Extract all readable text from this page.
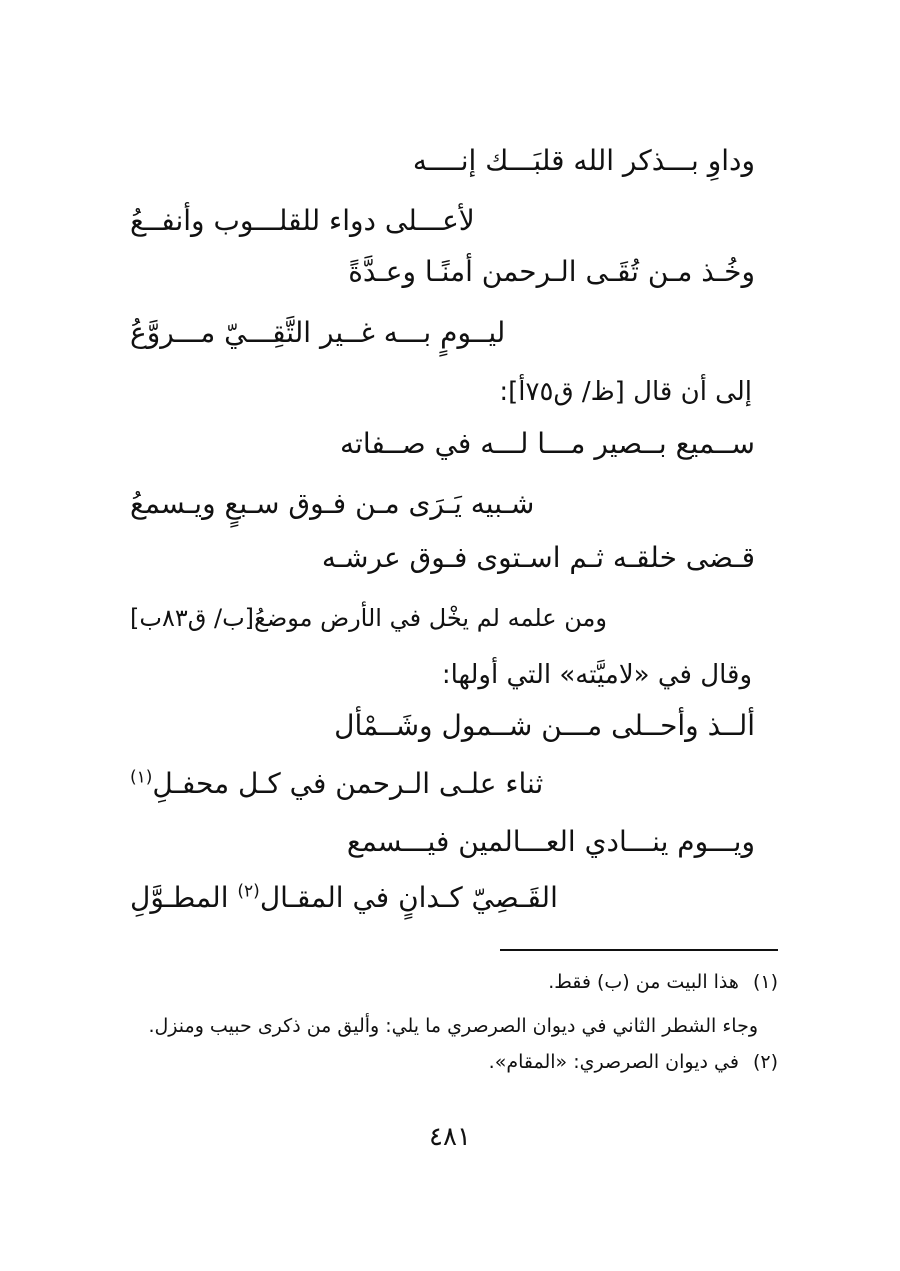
وداوِ بـــذكر الله قلبَـــك إنــــه
لأعـــلى دواء للقلـــوب وأنفــعُ
وخُـذ مـن تُقَـى الـرحمن أمنًـا وعـدَّةً
ليــومٍ بـــه غــير التَّقِـــيّ مـــروَّعُ
إلى أن قال [ظ/ ق٧٥أ]:
ســميع بــصير مـــا لـــه في صــفاته
شـبيه يَـرَى مـن فـوق سـبعٍ ويـسمعُ
قـضى خلقـه ثـم اسـتوى فـوق عرشـه
ومن علمه لم يخْل في الأرض موضعُ[ب/ ق٨٣ب]
وقال في «لاميَّته» التي أولها:
ألــذ وأحــلى مـــن شــمول وشَــمْأل
ثناء علـى الـرحمن في كـل محفـلِ$^{(١)}$
ويـــوم ينـــادي العـــالمين فيـــسمع
القَـصِيّ كـدانٍ في المقـال$^{(٢)}$ المطـوَّلِ
(١)هذا البيت من (ب) فقط.
وجاء الشطر الثاني في ديوان الصرصري ما يلي: وأليق من ذكرى حبيب ومنزل.
(٢)في ديوان الصرصري: «المقام».
٤٨١
